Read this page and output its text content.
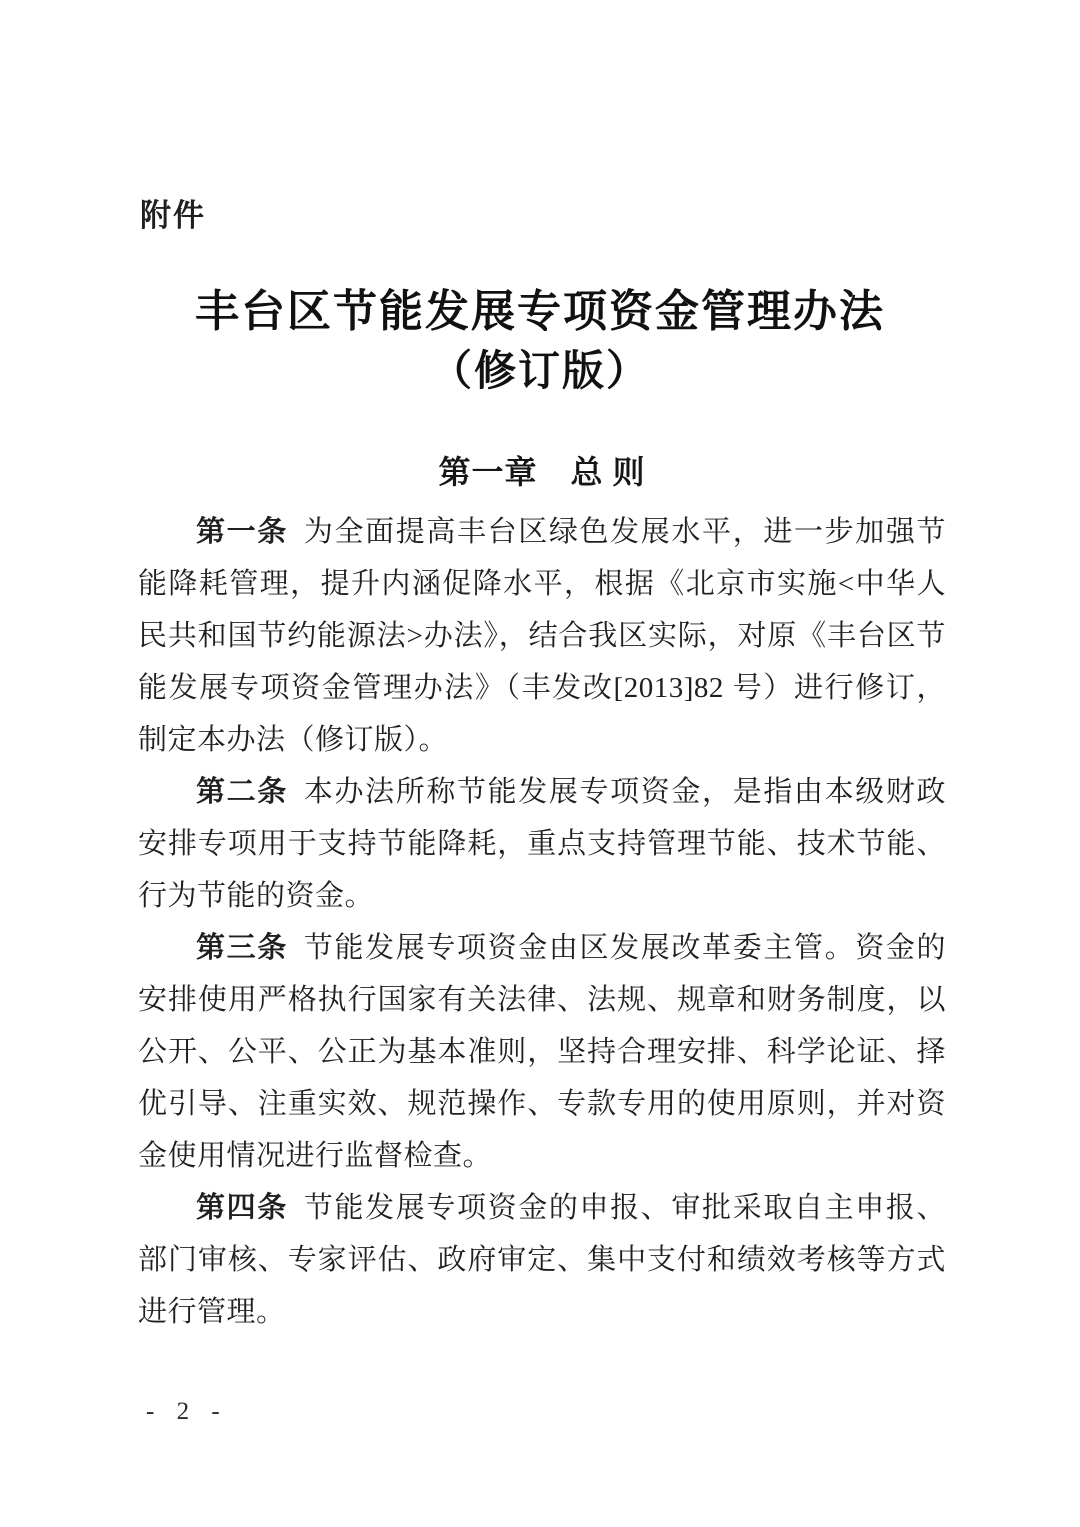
附件
丰台区节能发展专项资金管理办法
（修订版）
第一章　总 则

第一条 为全面提高丰台区绿色发展水平，进一步加强节能降耗管理，提升内涵促降水平，根据《北京市实施<中华人民共和国节约能源法>办法》，结合我区实际，对原《丰台区节能发展专项资金管理办法》（丰发改[2013]82 号）进行修订，制定本办法（修订版）。

第二条 本办法所称节能发展专项资金，是指由本级财政安排专项用于支持节能降耗，重点支持管理节能、技术节能、行为节能的资金。

第三条 节能发展专项资金由区发展改革委主管。资金的安排使用严格执行国家有关法律、法规、规章和财务制度，以公开、公平、公正为基本准则，坚持合理安排、科学论证、择优引导、注重实效、规范操作、专款专用的使用原则，并对资金使用情况进行监督检查。

第四条 节能发展专项资金的申报、审批采取自主申报、部门审核、专家评估、政府审定、集中支付和绩效考核等方式进行管理。

- 2 -
